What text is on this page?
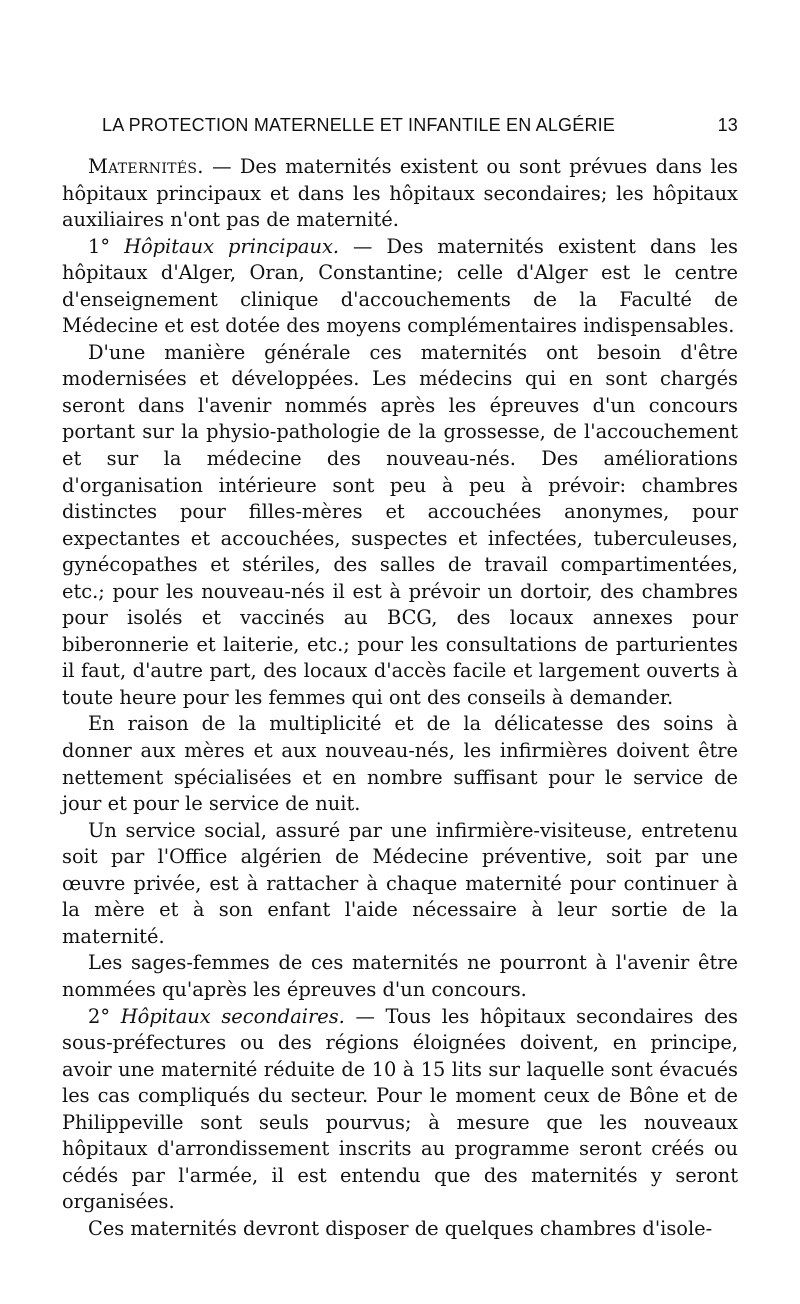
LA PROTECTION MATERNELLE ET INFANTILE EN ALGÉRIE	13

Maternités. — Des maternités existent ou sont prévues dans les hôpitaux principaux et dans les hôpitaux secondaires; les hôpitaux auxiliaires n'ont pas de maternité.

1° Hôpitaux principaux. — Des maternités existent dans les hôpitaux d'Alger, Oran, Constantine; celle d'Alger est le centre d'enseignement clinique d'accouchements de la Faculté de Médecine et est dotée des moyens complémentaires indispensables.

D'une manière générale ces maternités ont besoin d'être modernisées et développées. Les médecins qui en sont chargés seront dans l'avenir nommés après les épreuves d'un concours portant sur la physio-pathologie de la grossesse, de l'accouchement et sur la médecine des nouveau-nés. Des améliorations d'organisation intérieure sont peu à peu à prévoir: chambres distinctes pour filles-mères et accouchées anonymes, pour expectantes et accouchées, suspectes et infectées, tuberculeuses, gynécopathes et stériles, des salles de travail compartimentées, etc.; pour les nouveau-nés il est à prévoir un dortoir, des chambres pour isolés et vaccinés au BCG, des locaux annexes pour biberonnerie et laiterie, etc.; pour les consultations de parturientes il faut, d'autre part, des locaux d'accès facile et largement ouverts à toute heure pour les femmes qui ont des conseils à demander.

En raison de la multiplicité et de la délicatesse des soins à donner aux mères et aux nouveau-nés, les infirmières doivent être nettement spécialisées et en nombre suffisant pour le service de jour et pour le service de nuit.

Un service social, assuré par une infirmière-visiteuse, entretenu soit par l'Office algérien de Médecine préventive, soit par une œuvre privée, est à rattacher à chaque maternité pour continuer à la mère et à son enfant l'aide nécessaire à leur sortie de la maternité.

Les sages-femmes de ces maternités ne pourront à l'avenir être nommées qu'après les épreuves d'un concours.

2° Hôpitaux secondaires. — Tous les hôpitaux secondaires des sous-préfectures ou des régions éloignées doivent, en principe, avoir une maternité réduite de 10 à 15 lits sur laquelle sont évacués les cas compliqués du secteur. Pour le moment ceux de Bône et de Philippeville sont seuls pourvus; à mesure que les nouveaux hôpitaux d'arrondissement inscrits au programme seront créés ou cédés par l'armée, il est entendu que des maternités y seront organisées.

Ces maternités devront disposer de quelques chambres d'isole-
